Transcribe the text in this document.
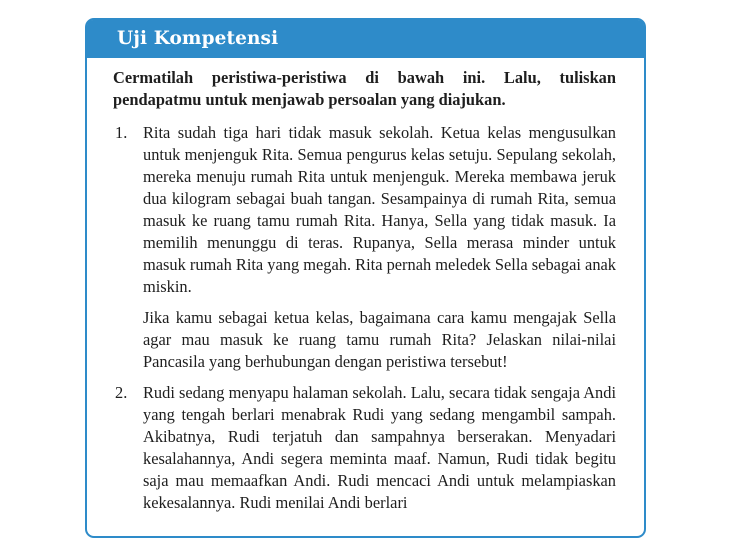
Uji Kompetensi

Cermatilah peristiwa-peristiwa di bawah ini. Lalu, tuliskan pendapatmu untuk menjawab persoalan yang diajukan.

1. Rita sudah tiga hari tidak masuk sekolah. Ketua kelas mengusulkan untuk menjenguk Rita. Semua pengurus kelas setuju. Sepulang sekolah, mereka menuju rumah Rita untuk menjenguk. Mereka membawa jeruk dua kilogram sebagai buah tangan. Sesampainya di rumah Rita, semua masuk ke ruang tamu rumah Rita. Hanya, Sella yang tidak masuk. Ia memilih menunggu di teras. Rupanya, Sella merasa minder untuk masuk rumah Rita yang megah. Rita pernah meledek Sella sebagai anak miskin.

Jika kamu sebagai ketua kelas, bagaimana cara kamu mengajak Sella agar mau masuk ke ruang tamu rumah Rita? Jelaskan nilai-nilai Pancasila yang berhubungan dengan peristiwa tersebut!

2. Rudi sedang menyapu halaman sekolah. Lalu, secara tidak sengaja Andi yang tengah berlari menabrak Rudi yang sedang mengambil sampah. Akibatnya, Rudi terjatuh dan sampahnya berserakan. Menyadari kesalahannya, Andi segera meminta maaf. Namun, Rudi tidak begitu saja mau memaafkan Andi. Rudi mencaci Andi untuk melampiaskan kekesalannya. Rudi menilai Andi berlari
